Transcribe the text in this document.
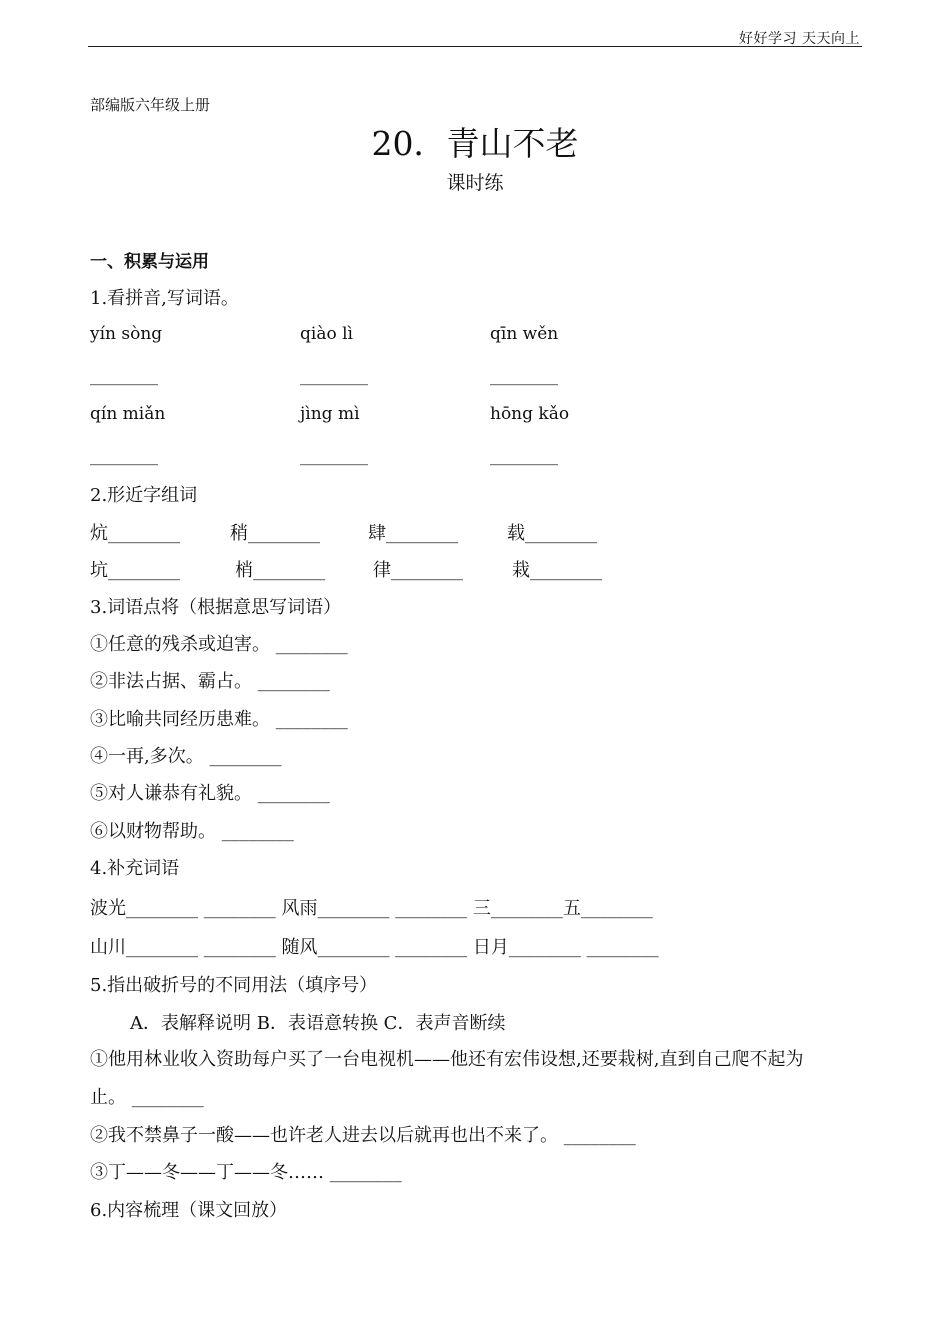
好好学习 天天向上
部编版六年级上册
20．青山不老
课时练
一、积累与运用
1.看拼音,写词语。
yín sòng	qiào lì	qīn wěn
________	________	________
qín miǎn	jìng mì	hōng kǎo
________	________	________
2.形近字组词
炕________	稍________	肆________	载________
坑________	梢________	律________	栽________
3.词语点将（根据意思写词语）
①任意的残杀或迫害。 ________
②非法占据、霸占。 ________
③比喻共同经历患难。 ________
④一再,多次。 ________
⑤对人谦恭有礼貌。 ________
⑥以财物帮助。 ________
4.补充词语
波光________ ________ 风雨________ ________ 三________五________
山川________ ________ 随风________ ________ 日月________ ________
5.指出破折号的不同用法（填序号）
A．表解释说明 B．表语意转换 C．表声音断续
①他用林业收入资助每户买了一台电视机——他还有宏伟设想,还要栽树,直到自己爬不起为
止。 ________
②我不禁鼻子一酸——也许老人进去以后就再也出不来了。 ________
③丁——冬——丁——冬…… ________
6.内容梳理（课文回放）
